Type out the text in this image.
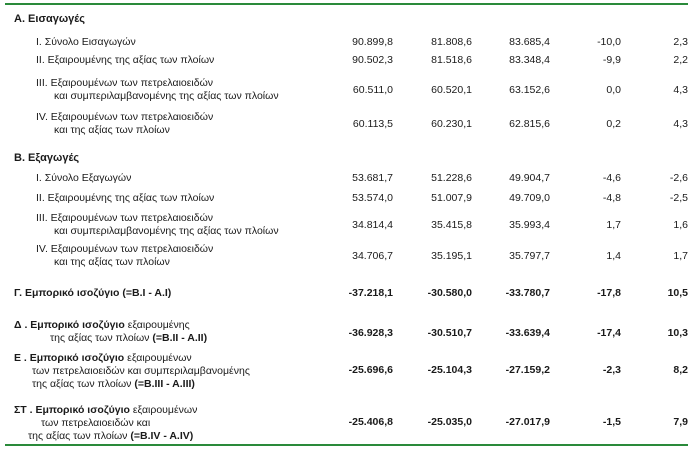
Α. Εισαγωγές
Β. Εξαγωγές
I. Σύνολο Εισαγωγών	90.899,8	81.808,6	83.685,4	-10,0	2,3
II. Εξαιρουμένης της αξίας των πλοίων	90.502,3	81.518,6	83.348,4	-9,9	2,2
III. Εξαιρουμένων των πετρελαιοειδών
και συμπεριλαμβανομένης της αξίας των πλοίων	60.511,0	60.520,1	63.152,6	0,0	4,3
IV. Εξαιρουμένων των πετρελαιοειδών
και της αξίας των πλοίων	60.113,5	60.230,1	62.815,6	0,2	4,3
I. Σύνολο Εξαγωγών	53.681,7	51.228,6	49.904,7	-4,6	-2,6
II. Εξαιρουμένης της αξίας των πλοίων	53.574,0	51.007,9	49.709,0	-4,8	-2,5
III. Εξαιρουμένων των πετρελαιοειδών
και συμπεριλαμβανομένης της αξίας των πλοίων	34.814,4	35.415,8	35.993,4	1,7	1,6
IV. Εξαιρουμένων των πετρελαιοειδών
και της αξίας των πλοίων	34.706,7	35.195,1	35.797,7	1,4	1,7
Γ. Εμπορικό ισοζύγιο (=Β.I - A.I)	-37.218,1	-30.580,0	-33.780,7	-17,8	10,5
Δ . Εμπορικό ισοζύγιο εξαιρουμένης
της αξίας των πλοίων (=Β.II - A.II)	-36.928,3	-30.510,7	-33.639,4	-17,4	10,3
Ε . Εμπορικό ισοζύγιο εξαιρουμένων
των πετρελαιοειδών και συμπεριλαμβανομένης
της αξίας των πλοίων (=Β.III - A.III)
-25.696,6	-25.104,3	-27.159,2	-2,3	8,2
ΣΤ . Εμπορικό ισοζύγιο εξαιρουμένων
των πετρελαιοειδών και
της αξίας των πλοίων (=Β.IV - A.IV)
-25.406,8	-25.035,0	-27.017,9	-1,5	7,9
